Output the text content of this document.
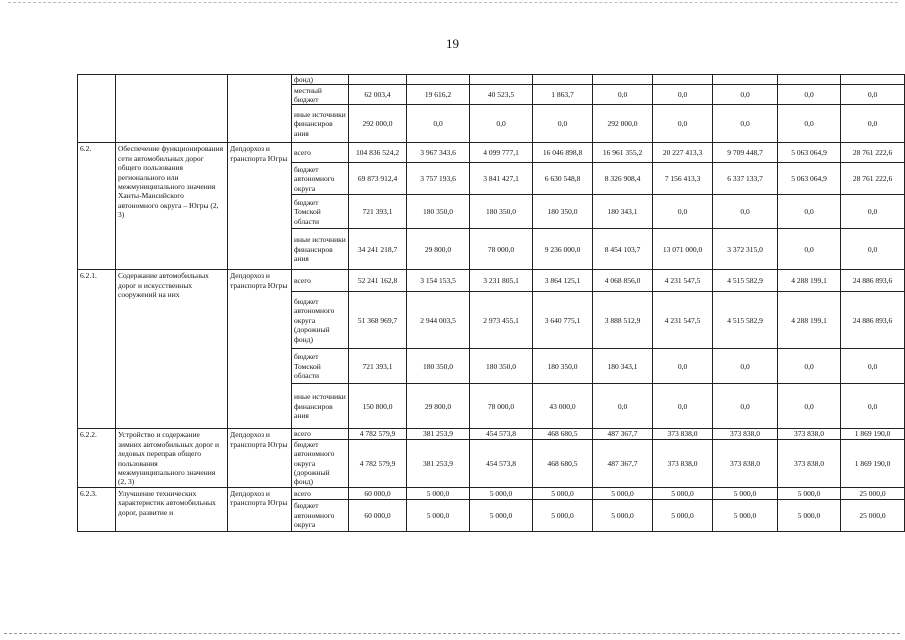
19
			фонд)									
			местный бюджет	62 003,4	19 616,2	40 523,5	1 863,7	0,0	0,0	0,0	0,0	0,0
			иные источники финансиров ания	292 000,0	0,0	0,0	0,0	292 000,0	0,0	0,0	0,0	0,0
6.2.	Обеспечение функционирования сети автомобильных дорог общего пользования регионального или межмуниципального значения Ханты-Мансийского автономного округа – Югры (2, 3)	Депдорхоз и транспорта Югры	всего	104 836 524,2	3 967 343,6	4 099 777,1	16 046 898,8	16 961 355,2	20 227 413,3	9 709 448,7	5 063 064,9	28 761 222,6
			бюджет автономного округа	69 873 912,4	3 757 193,6	3 841 427,1	6 630 548,8	8 326 908,4	7 156 413,3	6 337 133,7	5 063 064,9	28 761 222,6
			бюджет Томской области	721 393,1	180 350,0	180 350,0	180 350,0	180 343,1	0,0	0,0	0,0	0,0
			иные источники финансиров ания	34 241 218,7	29 800,0	78 000,0	9 236 000,0	8 454 103,7	13 071 000,0	3 372 315,0	0,0	0,0
6.2.1.	Содержание автомобильных дорог и искусственных сооружений на них	Депдорхоз и транспорта Югры	всего	52 241 162,8	3 154 153,5	3 231 805,1	3 864 125,1	4 068 856,0	4 231 547,5	4 515 582,9	4 288 199,1	24 886 893,6
			бюджет автономного округа (дорожный фонд)	51 368 969,7	2 944 003,5	2 973 455,1	3 640 775,1	3 888 512,9	4 231 547,5	4 515 582,9	4 288 199,1	24 886 893,6
			бюджет Томской области	721 393,1	180 350,0	180 350,0	180 350,0	180 343,1	0,0	0,0	0,0	0,0
			иные источники финансиров ания	150 800,0	29 800,0	78 000,0	43 000,0	0,0	0,0	0,0	0,0	0,0
6.2.2.	Устройство и содержание зимних автомобильных дорог и ледовых переправ общего пользования межмуниципального значения (2, 3)	Депдорхоз и транспорта Югры	всего	4 782 579,9	381 253,9	454 573,8	468 680,5	487 367,7	373 838,0	373 838,0	373 838,0	1 869 190,0
			бюджет автономного округа (дорожный фонд)	4 782 579,9	381 253,9	454 573,8	468 680,5	487 367,7	373 838,0	373 838,0	373 838,0	1 869 190,0
6.2.3.	Улучшение технических характеристик автомобильных дорог, развитие и	Депдорхоз и транспорта Югры	всего	60 000,0	5 000,0	5 000,0	5 000,0	5 000,0	5 000,0	5 000,0	5 000,0	25 000,0
			бюджет автономного округа	60 000,0	5 000,0	5 000,0	5 000,0	5 000,0	5 000,0	5 000,0	5 000,0	25 000,0
